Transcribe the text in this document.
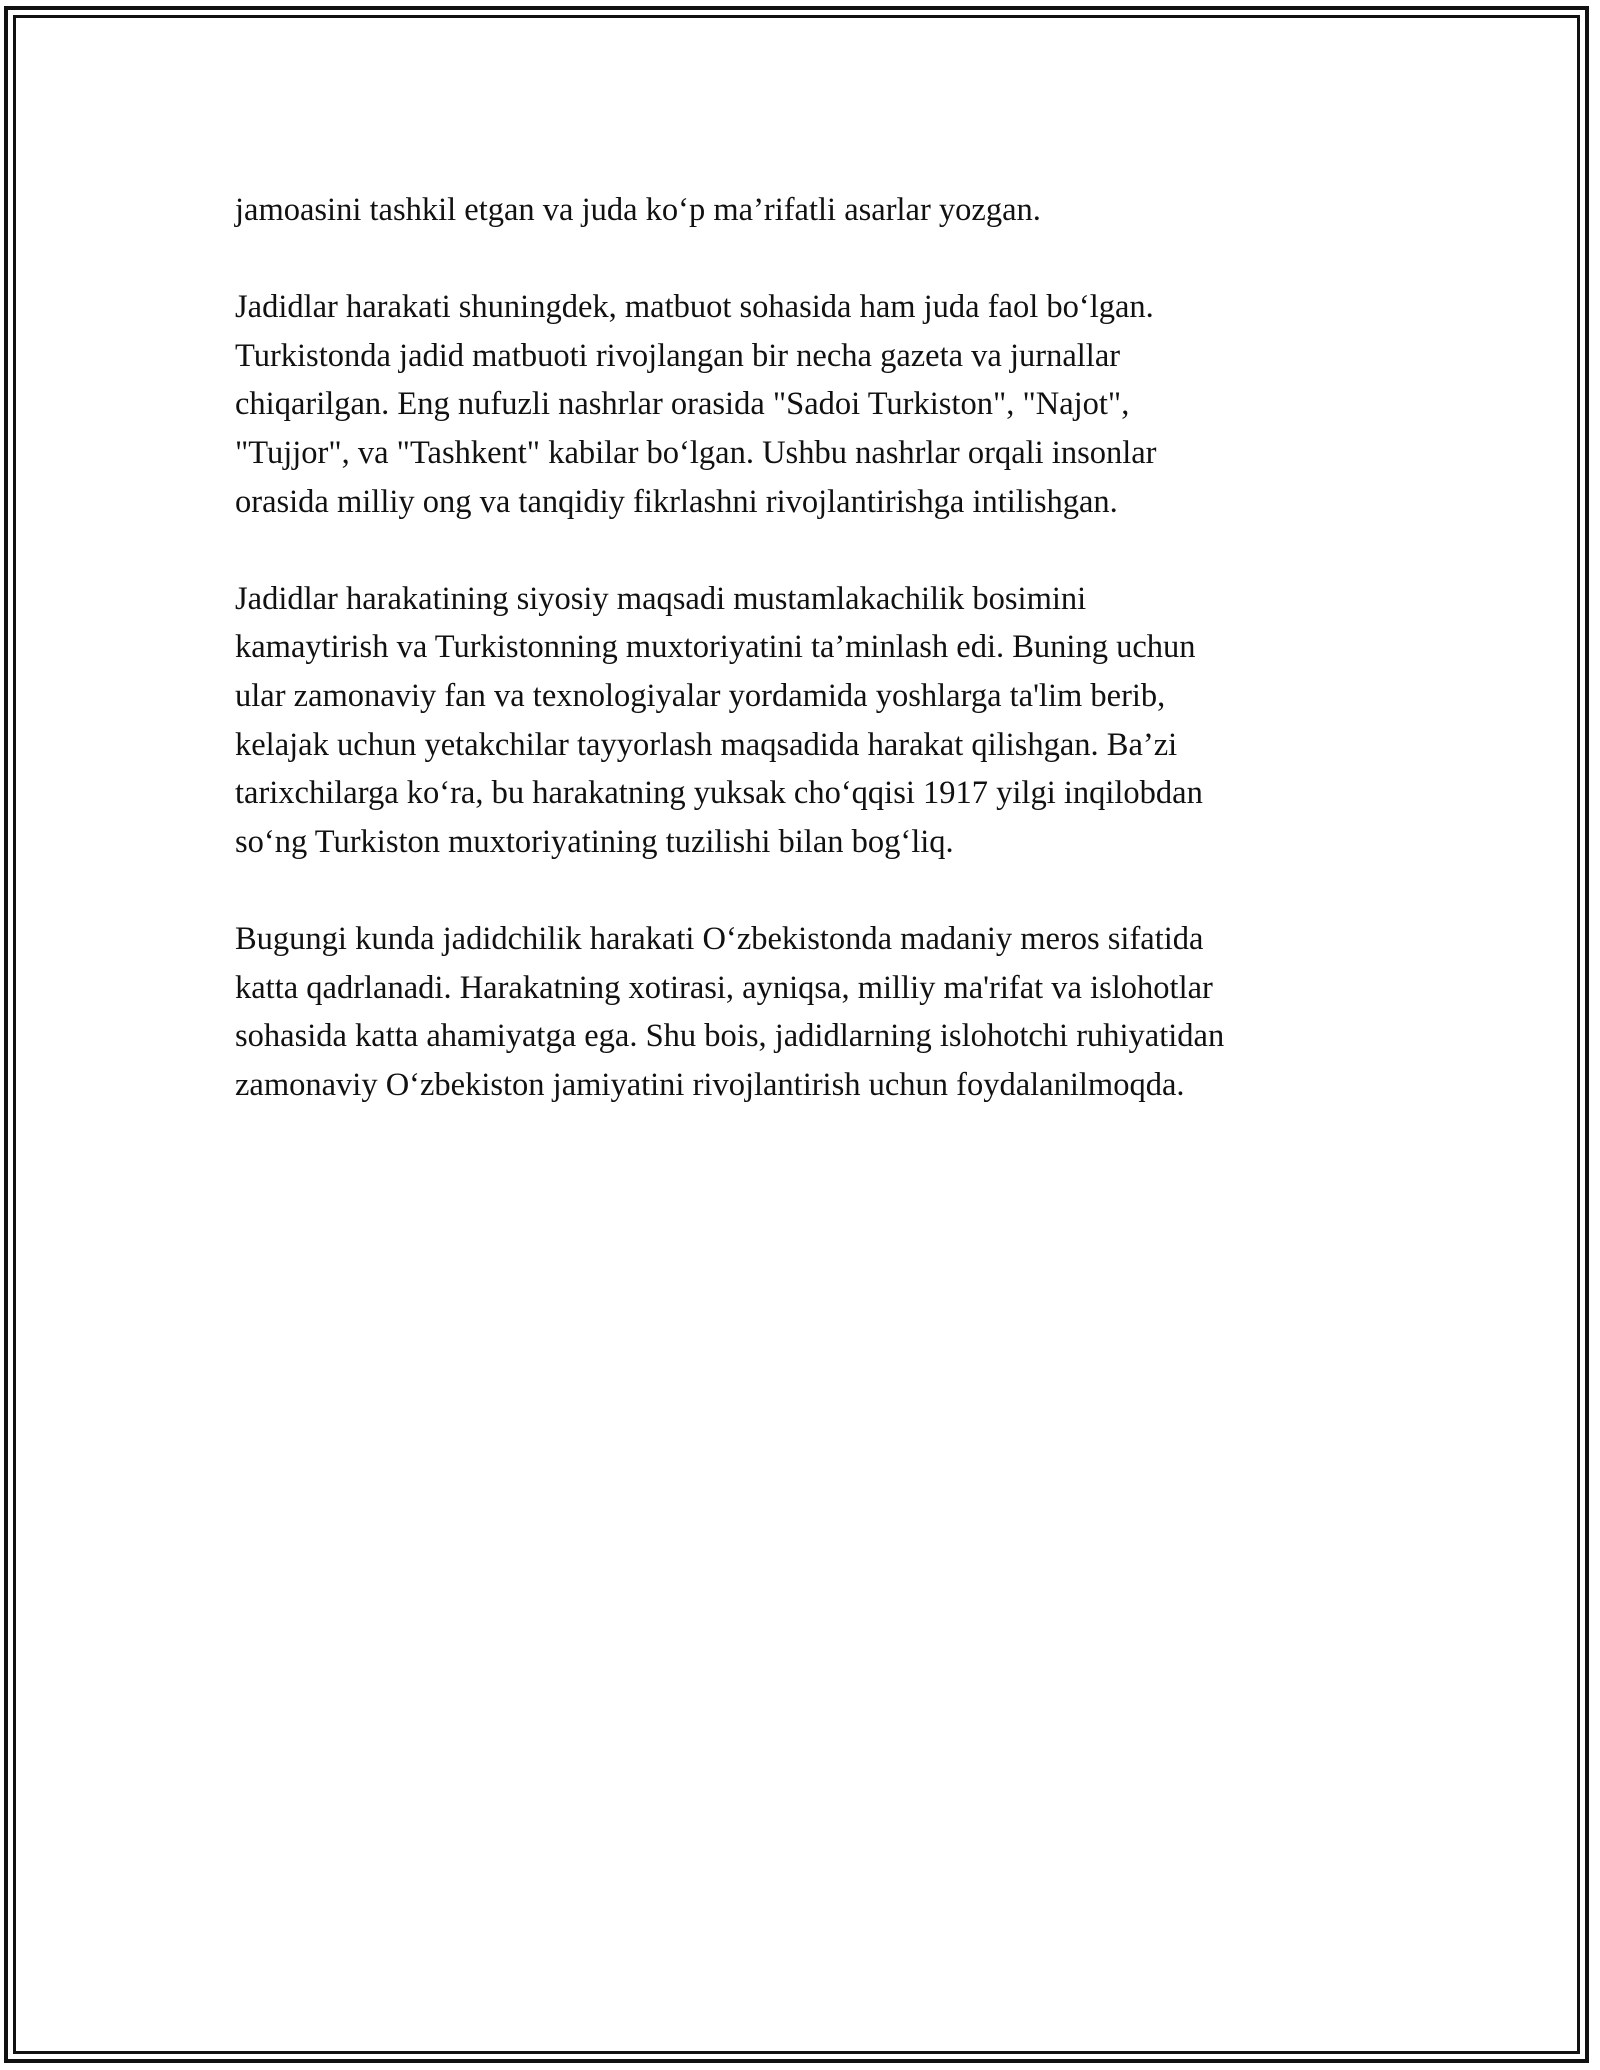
jamoasini tashkil etgan va juda ko‘p ma’rifatli asarlar yozgan.

Jadidlar harakati shuningdek, matbuot sohasida ham juda faol bo‘lgan.
Turkistonda jadid matbuoti rivojlangan bir necha gazeta va jurnallar
chiqarilgan. Eng nufuzli nashrlar orasida "Sadoi Turkiston", "Najot",
"Tujjor", va "Tashkent" kabilar bo‘lgan. Ushbu nashrlar orqali insonlar
orasida milliy ong va tanqidiy fikrlashni rivojlantirishga intilishgan.

Jadidlar harakatining siyosiy maqsadi mustamlakachilik bosimini
kamaytirish va Turkistonning muxtoriyatini ta’minlash edi. Buning uchun
ular zamonaviy fan va texnologiyalar yordamida yoshlarga ta'lim berib,
kelajak uchun yetakchilar tayyorlash maqsadida harakat qilishgan. Ba’zi
tarixchilarga ko‘ra, bu harakatning yuksak cho‘qqisi 1917 yilgi inqilobdan
so‘ng Turkiston muxtoriyatining tuzilishi bilan bog‘liq.

Bugungi kunda jadidchilik harakati O‘zbekistonda madaniy meros sifatida
katta qadrlanadi. Harakatning xotirasi, ayniqsa, milliy ma'rifat va islohotlar
sohasida katta ahamiyatga ega. Shu bois, jadidlarning islohotchi ruhiyatidan
zamonaviy O‘zbekiston jamiyatini rivojlantirish uchun foydalanilmoqda.
